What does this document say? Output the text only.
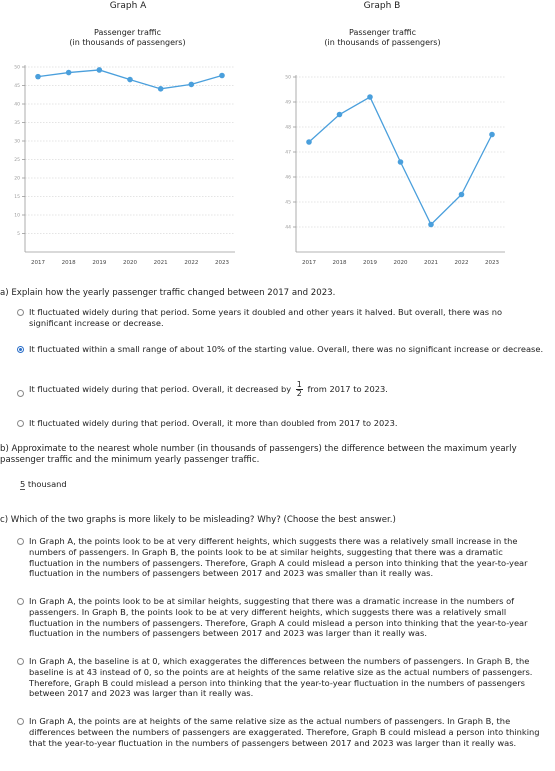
Graph A
Passenger traffic
(in thousands of passengers)
5
10
15
20
25
30
35
40
45
50
2017	2018	2019	2020	2021	2022	2023
Graph B
Passenger traffic
(in thousands of passengers)
44
45
46
47
48
49
50
2017	2018	2019	2020	2021	2022	2023
a) Explain how the yearly passenger traffic changed between 2017 and 2023.
It fluctuated widely during that period. Some years it doubled and other years it halved. But overall, there was no significant increase or decrease.
It fluctuated within a small range of about 10% of the starting value. Overall, there was no significant increase or decrease.
It fluctuated widely during that period. Overall, it decreased by $\frac{1}{2}$ from 2017 to 2023.
It fluctuated widely during that period. Overall, it more than doubled from 2017 to 2023.
b) Approximate to the nearest whole number (in thousands of passengers) the difference between the maximum yearly passenger traffic and the minimum yearly passenger traffic.
5 thousand
c) Which of the two graphs is more likely to be misleading? Why? (Choose the best answer.)
In Graph A, the points look to be at very different heights, which suggests there was a relatively small increase in the numbers of passengers. In Graph B, the points look to be at similar heights, suggesting that there was a dramatic fluctuation in the numbers of passengers. Therefore, Graph A could mislead a person into thinking that the year-to-year fluctuation in the numbers of passengers between 2017 and 2023 was smaller than it really was.
In Graph A, the points look to be at similar heights, suggesting that there was a dramatic increase in the numbers of passengers. In Graph B, the points look to be at very different heights, which suggests there was a relatively small fluctuation in the numbers of passengers. Therefore, Graph A could mislead a person into thinking that the year-to-year fluctuation in the numbers of passengers between 2017 and 2023 was larger than it really was.
In Graph A, the baseline is at 0, which exaggerates the differences between the numbers of passengers. In Graph B, the baseline is at 43 instead of 0, so the points are at heights of the same relative size as the actual numbers of passengers. Therefore, Graph B could mislead a person into thinking that the year-to-year fluctuation in the numbers of passengers between 2017 and 2023 was larger than it really was.
In Graph A, the points are at heights of the same relative size as the actual numbers of passengers. In Graph B, the differences between the numbers of passengers are exaggerated. Therefore, Graph B could mislead a person into thinking that the year-to-year fluctuation in the numbers of passengers between 2017 and 2023 was larger than it really was.
